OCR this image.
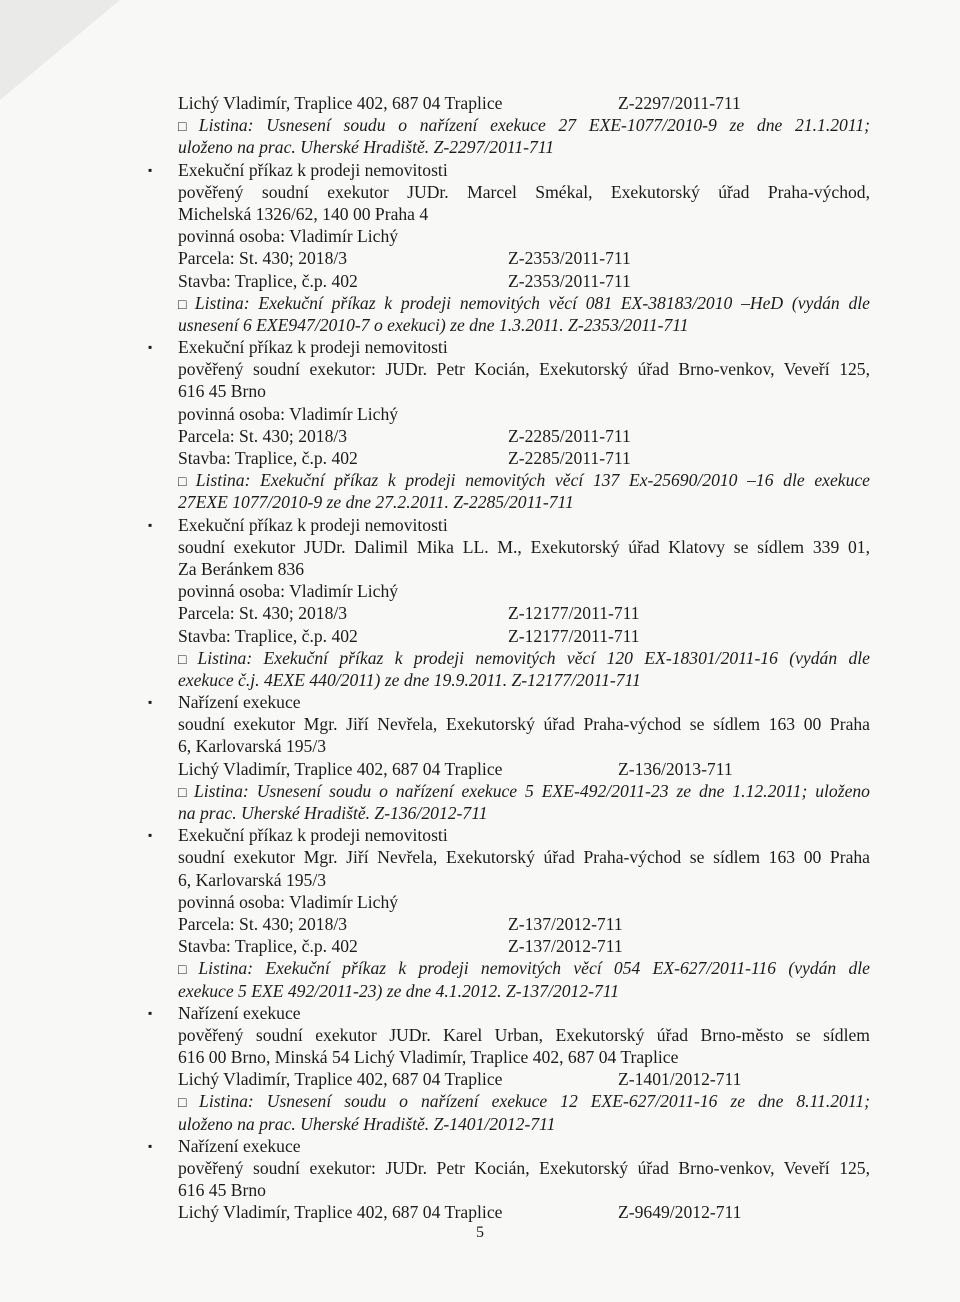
Lichý Vladimír, Traplice 402, 687 04 Traplice	Z-2297/2011-711
□ Listina: Usnesení soudu o nařízení exekuce 27 EXE-1077/2010-9 ze dne 21.1.2011;
uloženo na prac. Uherské Hradiště. Z-2297/2011-711
▪ Exekuční příkaz k prodeji nemovitosti
pověřený soudní exekutor JUDr. Marcel Smékal, Exekutorský úřad Praha-východ,
Michelská 1326/62, 140 00 Praha 4
povinná osoba: Vladimír Lichý
Parcela: St. 430; 2018/3	Z-2353/2011-711
Stavba: Traplice, č.p. 402	Z-2353/2011-711
□ Listina: Exekuční příkaz k prodeji nemovitých věcí 081 EX-38183/2010 –HeD (vydán dle
usnesení 6 EXE947/2010-7 o exekuci) ze dne 1.3.2011. Z-2353/2011-711
▪ Exekuční příkaz k prodeji nemovitosti
pověřený soudní exekutor: JUDr. Petr Kocián, Exekutorský úřad Brno-venkov, Veveří 125,
616 45 Brno
povinná osoba: Vladimír Lichý
Parcela: St. 430; 2018/3	Z-2285/2011-711
Stavba: Traplice, č.p. 402	Z-2285/2011-711
□ Listina: Exekuční příkaz k prodeji nemovitých věcí 137 Ex-25690/2010 –16 dle exekuce
27EXE 1077/2010-9 ze dne 27.2.2011. Z-2285/2011-711
▪ Exekuční příkaz k prodeji nemovitosti
soudní exekutor JUDr. Dalimil Mika LL. M., Exekutorský úřad Klatovy se sídlem 339 01,
Za Beránkem 836
povinná osoba: Vladimír Lichý
Parcela: St. 430; 2018/3	Z-12177/2011-711
Stavba: Traplice, č.p. 402	Z-12177/2011-711
□ Listina: Exekuční příkaz k prodeji nemovitých věcí 120 EX-18301/2011-16 (vydán dle
exekuce č.j. 4EXE 440/2011) ze dne 19.9.2011. Z-12177/2011-711
▪ Nařízení exekuce
soudní exekutor Mgr. Jiří Nevřela, Exekutorský úřad Praha-východ se sídlem 163 00 Praha
6, Karlovarská 195/3
Lichý Vladimír, Traplice 402, 687 04 Traplice	Z-136/2013-711
□ Listina: Usnesení soudu o nařízení exekuce 5 EXE-492/2011-23 ze dne 1.12.2011; uloženo
na prac. Uherské Hradiště. Z-136/2012-711
▪ Exekuční příkaz k prodeji nemovitosti
soudní exekutor Mgr. Jiří Nevřela, Exekutorský úřad Praha-východ se sídlem 163 00 Praha
6, Karlovarská 195/3
povinná osoba: Vladimír Lichý
Parcela: St. 430; 2018/3	Z-137/2012-711
Stavba: Traplice, č.p. 402	Z-137/2012-711
□ Listina: Exekuční příkaz k prodeji nemovitých věcí 054 EX-627/2011-116 (vydán dle
exekuce 5 EXE 492/2011-23) ze dne 4.1.2012. Z-137/2012-711
▪ Nařízení exekuce
pověřený soudní exekutor JUDr. Karel Urban, Exekutorský úřad Brno-město se sídlem
616 00 Brno, Minská 54 Lichý Vladimír, Traplice 402, 687 04 Traplice
Lichý Vladimír, Traplice 402, 687 04 Traplice	Z-1401/2012-711
□ Listina: Usnesení soudu o nařízení exekuce 12 EXE-627/2011-16 ze dne 8.11.2011;
uloženo na prac. Uherské Hradiště. Z-1401/2012-711
▪ Nařízení exekuce
pověřený soudní exekutor: JUDr. Petr Kocián, Exekutorský úřad Brno-venkov, Veveří 125,
616 45 Brno
Lichý Vladimír, Traplice 402, 687 04 Traplice	Z-9649/2012-711
5
